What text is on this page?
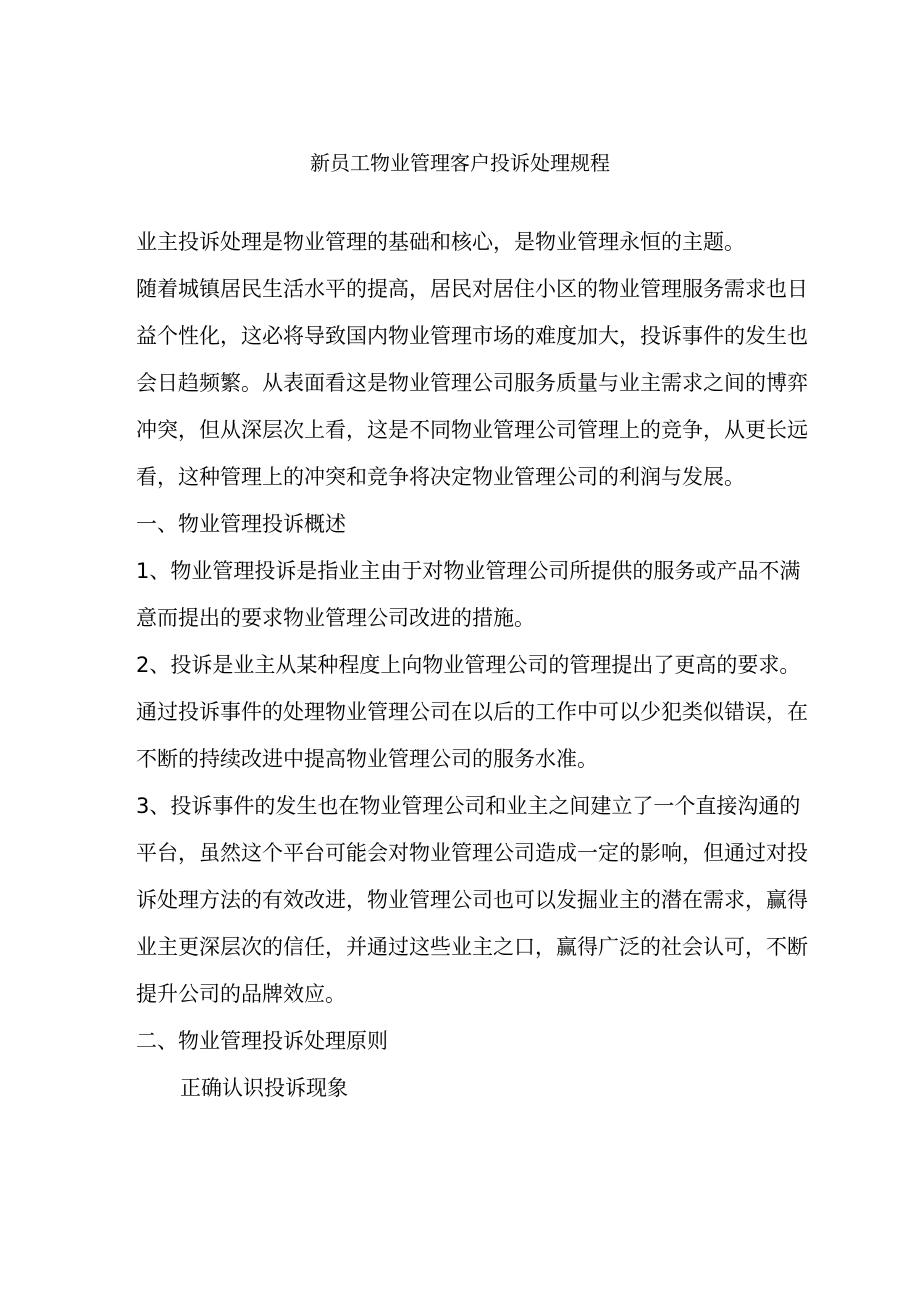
新员工物业管理客户投诉处理规程
业主投诉处理是物业管理的基础和核心，是物业管理永恒的主题。
随着城镇居民生活水平的提高，居民对居住小区的物业管理服务需求也日
益个性化，这必将导致国内物业管理市场的难度加大，投诉事件的发生也
会日趋频繁。从表面看这是物业管理公司服务质量与业主需求之间的博弈
冲突，但从深层次上看，这是不同物业管理公司管理上的竞争，从更长远
看，这种管理上的冲突和竞争将决定物业管理公司的利润与发展。
一、物业管理投诉概述
1、物业管理投诉是指业主由于对物业管理公司所提供的服务或产品不满
意而提出的要求物业管理公司改进的措施。
2、投诉是业主从某种程度上向物业管理公司的管理提出了更高的要求。
通过投诉事件的处理物业管理公司在以后的工作中可以少犯类似错误，在
不断的持续改进中提高物业管理公司的服务水准。
3、投诉事件的发生也在物业管理公司和业主之间建立了一个直接沟通的
平台，虽然这个平台可能会对物业管理公司造成一定的影响，但通过对投
诉处理方法的有效改进，物业管理公司也可以发掘业主的潜在需求，赢得
业主更深层次的信任，并通过这些业主之口，赢得广泛的社会认可，不断
提升公司的品牌效应。
二、物业管理投诉处理原则
正确认识投诉现象
